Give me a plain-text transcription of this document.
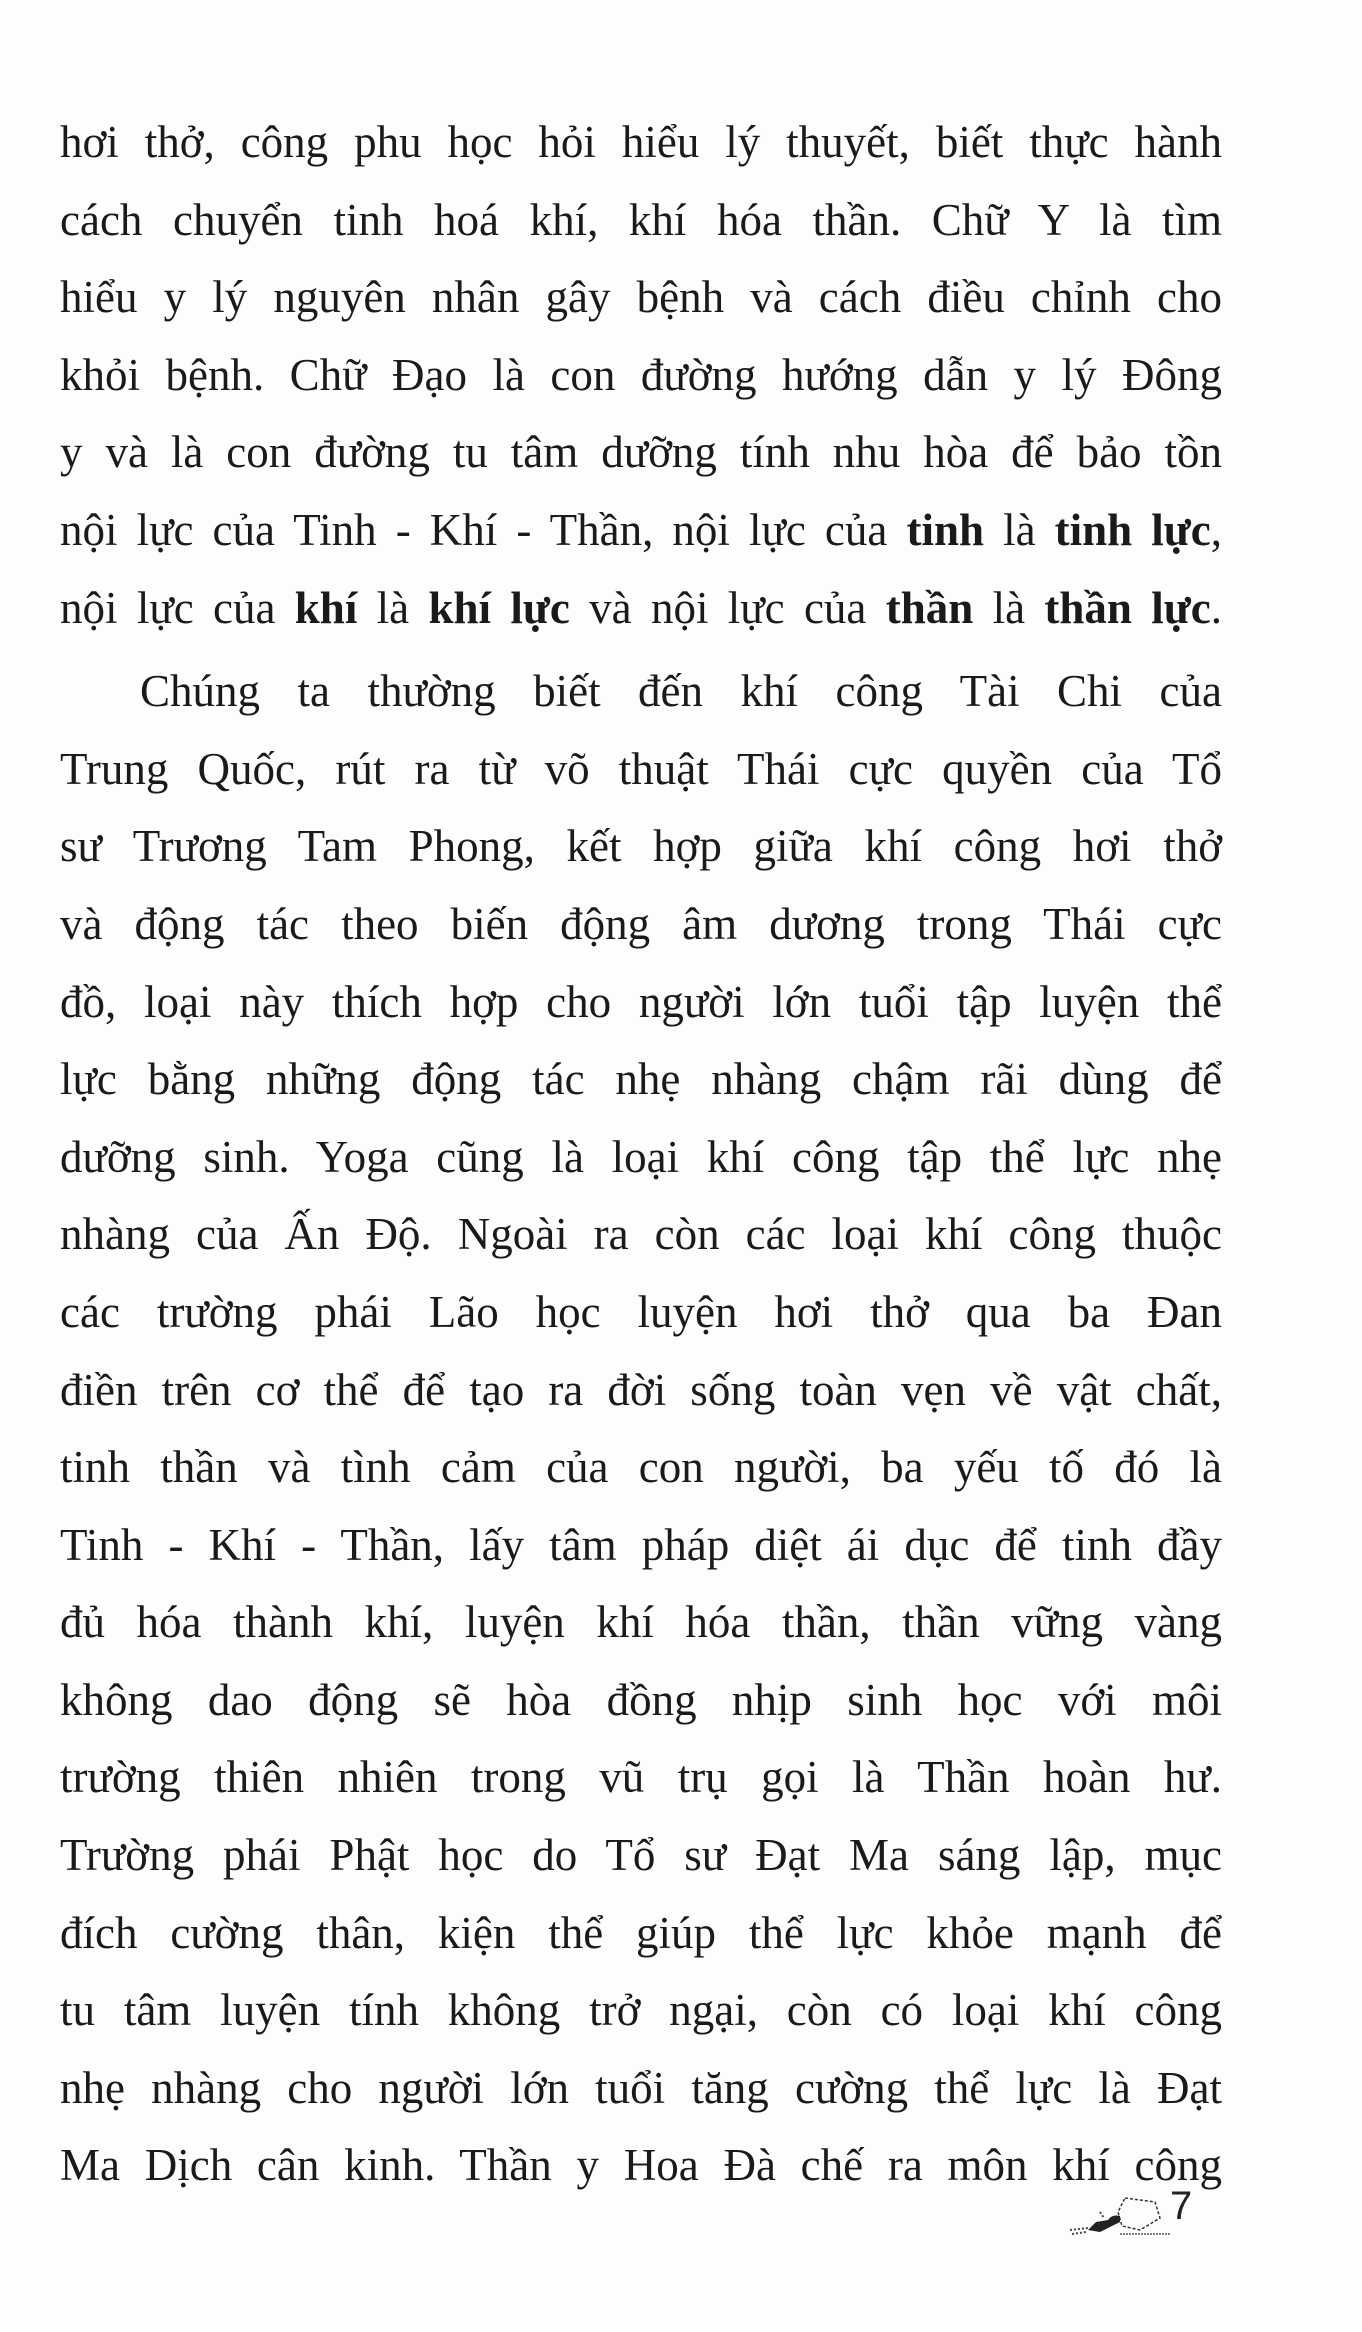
hơi thở, công phu học hỏi hiểu lý thuyết, biết thực hành
cách chuyển tinh hoá khí, khí hóa thần. Chữ Y là tìm
hiểu y lý nguyên nhân gây bệnh và cách điều chỉnh cho
khỏi bệnh. Chữ Đạo là con đường hướng dẫn y lý Đông
y và là con đường tu tâm dưỡng tính nhu hòa để bảo tồn
nội lực của Tinh - Khí - Thần, nội lực của tinh là tinh lực,
nội lực của khí là khí lực và nội lực của thần là thần lực.
Chúng ta thường biết đến khí công Tài Chi của
Trung Quốc, rút ra từ võ thuật Thái cực quyền của Tổ
sư Trương Tam Phong, kết hợp giữa khí công hơi thở
và động tác theo biến động âm dương trong Thái cực
đồ, loại này thích hợp cho người lớn tuổi tập luyện thể
lực bằng những động tác nhẹ nhàng chậm rãi dùng để
dưỡng sinh. Yoga cũng là loại khí công tập thể lực nhẹ
nhàng của Ấn Độ. Ngoài ra còn các loại khí công thuộc
các trường phái Lão học luyện hơi thở qua ba Đan
điền trên cơ thể để tạo ra đời sống toàn vẹn về vật chất,
tinh thần và tình cảm của con người, ba yếu tố đó là
Tinh - Khí - Thần, lấy tâm pháp diệt ái dục để tinh đầy
đủ hóa thành khí, luyện khí hóa thần, thần vững vàng
không dao động sẽ hòa đồng nhịp sinh học với môi
trường thiên nhiên trong vũ trụ gọi là Thần hoàn hư.
Trường phái Phật học do Tổ sư Đạt Ma sáng lập, mục
đích cường thân, kiện thể giúp thể lực khỏe mạnh để
tu tâm luyện tính không trở ngại, còn có loại khí công
nhẹ nhàng cho người lớn tuổi tăng cường thể lực là Đạt
Ma Dịch cân kinh. Thần y Hoa Đà chế ra môn khí công
7
